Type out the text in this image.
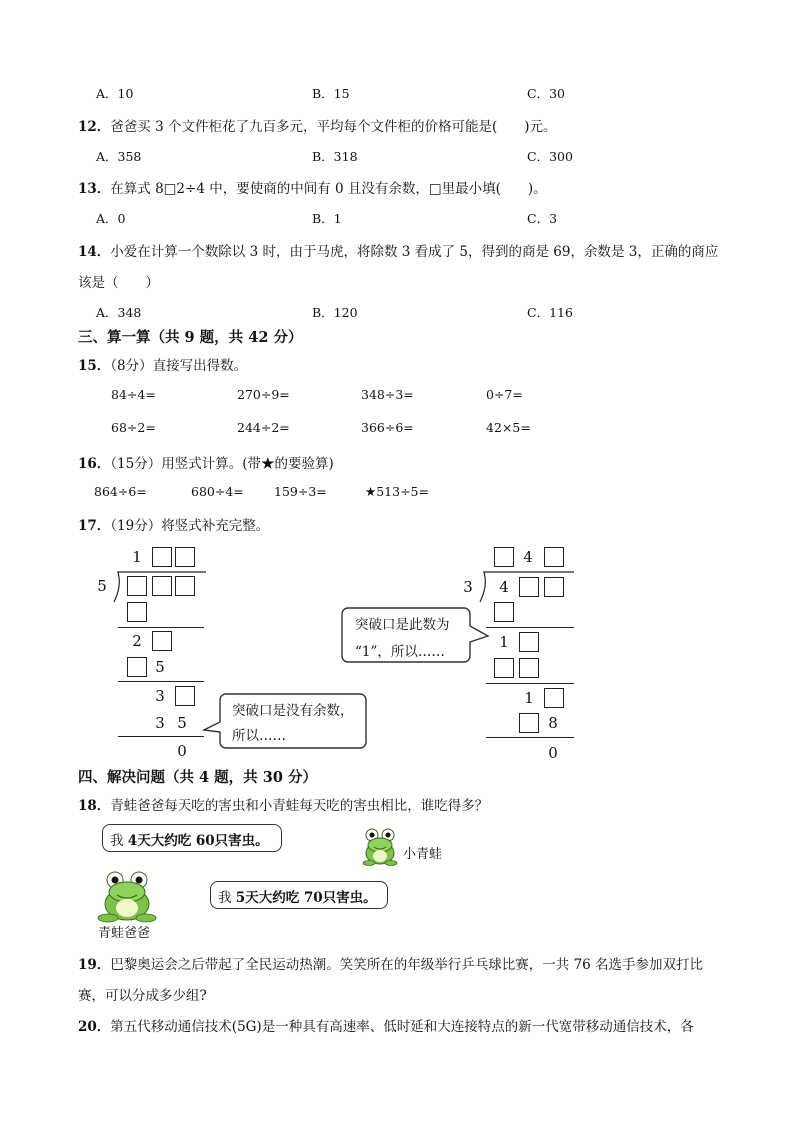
A．10	B．15	C．30
12．爸爸买 3 个文件柜花了九百多元，平均每个文件柜的价格可能是(　　)元。
A．358	B．318	C．300
13．在算式 8□2÷4 中，要使商的中间有 0 且没有余数，□里最小填(　　)。
A．0	B．1	C．3
14．小爱在计算一个数除以 3 时，由于马虎，将除数 3 看成了 5，得到的商是 69，余数是 3，正确的商应
该是（　　）
A．348	B．120	C．116
三、算一算（共 9 题，共 42 分）
15．（8分）直接写出得数。
84÷4=	270÷9=	348÷3=	0÷7=
68÷2=	244÷2=	366÷6=	42×5=
16．（15分）用竖式计算。(带★的要验算)
864÷6=	680÷4= 159÷3=	★513÷5=
17．（19分）将竖式补充完整。
1
5
2
5
3
3 5
0
突破口是没有余数，
所以……
突破口是此数为
“1”，所以……
4
3	4
1
1
8
0
四、解决问题（共 4 题，共 30 分）
18．青蛙爸爸每天吃的害虫和小青蛙每天吃的害虫相比，谁吃得多？
我 4天大约吃 60只害虫。
小青蛙
我 5天大约吃 70只害虫。
青蛙爸爸
19．巴黎奥运会之后带起了全民运动热潮。笑笑所在的年级举行乒乓球比赛，一共 76 名选手参加双打比
赛，可以分成多少组?
20．第五代移动通信技术(5G)是一种具有高速率、低时延和大连接特点的新一代宽带移动通信技术，各
